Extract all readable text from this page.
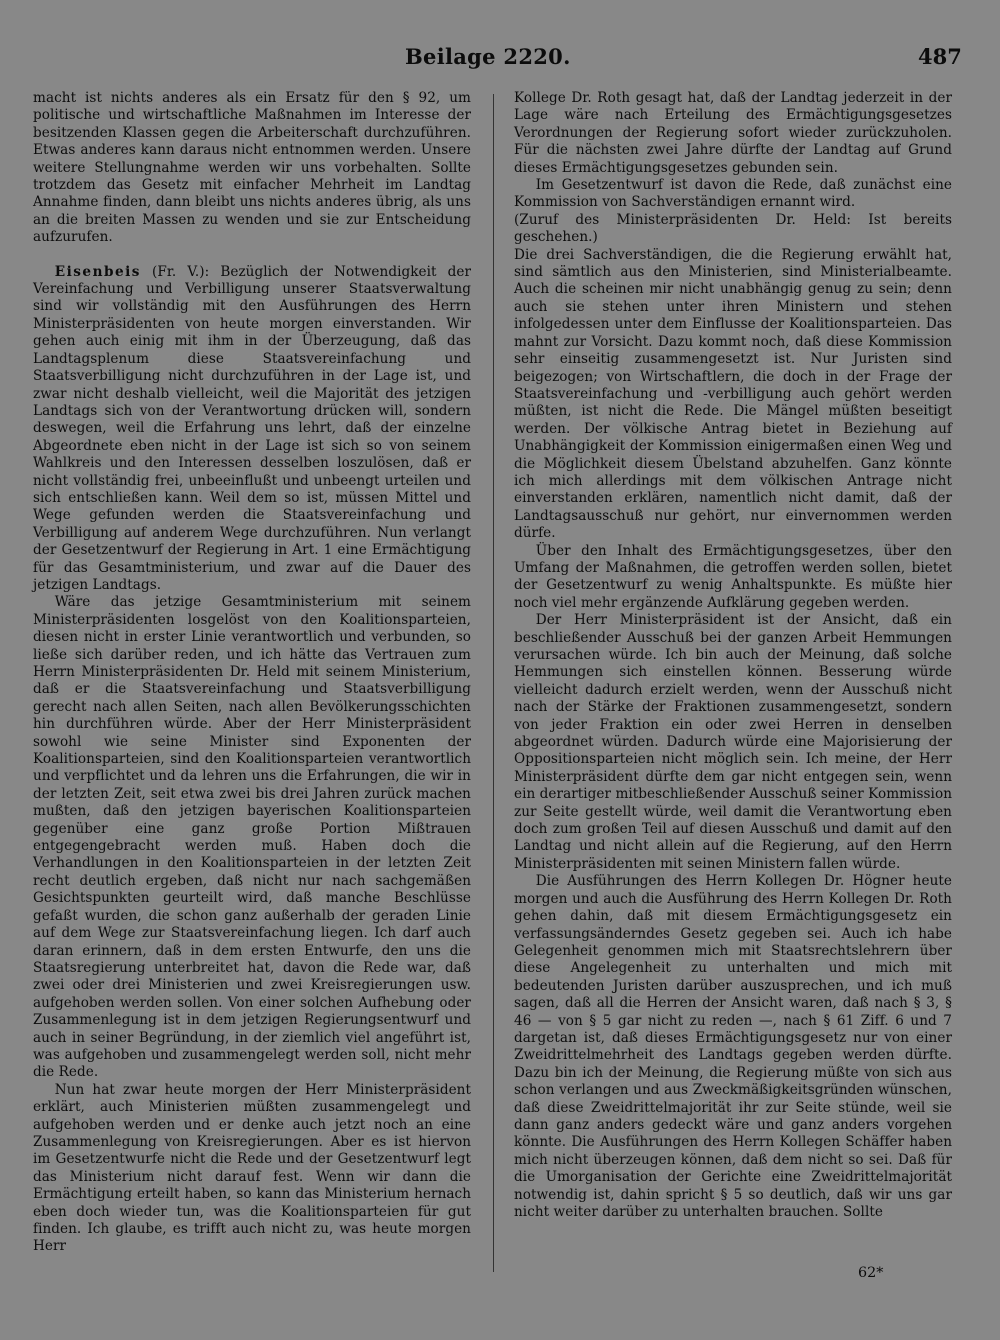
Beilage 2220.	487

macht ist nichts anderes als ein Ersatz für den § 92, um politische und wirtschaftliche Maßnahmen im Interesse der besitzenden Klassen gegen die Arbeiterschaft durchzuführen. Etwas anderes kann daraus nicht entnommen werden. Unsere weitere Stellungnahme werden wir uns vorbehalten. Sollte trotzdem das Gesetz mit einfacher Mehrheit im Landtag Annahme finden, dann bleibt uns nichts anderes übrig, als uns an die breiten Massen zu wenden und sie zur Entscheidung aufzurufen.

Eisenbeis (Fr. V.): Bezüglich der Notwendigkeit der Vereinfachung und Verbilligung unserer Staatsverwaltung sind wir vollständig mit den Ausführungen des Herrn Ministerpräsidenten von heute morgen einverstanden. Wir gehen auch einig mit ihm in der Überzeugung, daß das Landtagsplenum diese Staatsvereinfachung und Staatsverbilligung nicht durchzuführen in der Lage ist, und zwar nicht deshalb vielleicht, weil die Majorität des jetzigen Landtags sich von der Verantwortung drücken will, sondern deswegen, weil die Erfahrung uns lehrt, daß der einzelne Abgeordnete eben nicht in der Lage ist sich so von seinem Wahlkreis und den Interessen desselben loszulösen, daß er nicht vollständig frei, unbeeinflußt und unbeengt urteilen und sich entschließen kann. Weil dem so ist, müssen Mittel und Wege gefunden werden die Staatsvereinfachung und Verbilligung auf anderem Wege durchzuführen. Nun verlangt der Gesetzentwurf der Regierung in Art. 1 eine Ermächtigung für das Gesamtministerium, und zwar auf die Dauer des jetzigen Landtags.

Wäre das jetzige Gesamtministerium mit seinem Ministerpräsidenten losgelöst von den Koalitionsparteien, diesen nicht in erster Linie verantwortlich und verbunden, so ließe sich darüber reden, und ich hätte das Vertrauen zum Herrn Ministerpräsidenten Dr. Held mit seinem Ministerium, daß er die Staatsvereinfachung und Staatsverbilligung gerecht nach allen Seiten, nach allen Bevölkerungsschichten hin durchführen würde. Aber der Herr Ministerpräsident sowohl wie seine Minister sind Exponenten der Koalitionsparteien, sind den Koalitionsparteien verantwortlich und verpflichtet und da lehren uns die Erfahrungen, die wir in der letzten Zeit, seit etwa zwei bis drei Jahren zurück machen mußten, daß den jetzigen bayerischen Koalitionsparteien gegenüber eine ganz große Portion Mißtrauen entgegengebracht werden muß. Haben doch die Verhandlungen in den Koalitionsparteien in der letzten Zeit recht deutlich ergeben, daß nicht nur nach sachgemäßen Gesichtspunkten geurteilt wird, daß manche Beschlüsse gefaßt wurden, die schon ganz außerhalb der geraden Linie auf dem Wege zur Staatsvereinfachung liegen. Ich darf auch daran erinnern, daß in dem ersten Entwurfe, den uns die Staatsregierung unterbreitet hat, davon die Rede war, daß zwei oder drei Ministerien und zwei Kreisregierungen usw. aufgehoben werden sollen. Von einer solchen Aufhebung oder Zusammenlegung ist in dem jetzigen Regierungsentwurf und auch in seiner Begründung, in der ziemlich viel angeführt ist, was aufgehoben und zusammengelegt werden soll, nicht mehr die Rede.

Nun hat zwar heute morgen der Herr Ministerpräsident erklärt, auch Ministerien müßten zusammengelegt und aufgehoben werden und er denke auch jetzt noch an eine Zusammenlegung von Kreisregierungen. Aber es ist hiervon im Gesetzentwurfe nicht die Rede und der Gesetzentwurf legt das Ministerium nicht darauf fest. Wenn wir dann die Ermächtigung erteilt haben, so kann das Ministerium hernach eben doch wieder tun, was die Koalitionsparteien für gut finden. Ich glaube, es trifft auch nicht zu, was heute morgen Herr

Kollege Dr. Roth gesagt hat, daß der Landtag jederzeit in der Lage wäre nach Erteilung des Ermächtigungsgesetzes Verordnungen der Regierung sofort wieder zurückzuholen. Für die nächsten zwei Jahre dürfte der Landtag auf Grund dieses Ermächtigungsgesetzes gebunden sein.

Im Gesetzentwurf ist davon die Rede, daß zunächst eine Kommission von Sachverständigen ernannt wird.

(Zuruf des Ministerpräsidenten Dr. Held: Ist bereits geschehen.)

Die drei Sachverständigen, die die Regierung erwählt hat, sind sämtlich aus den Ministerien, sind Ministerialbeamte. Auch die scheinen mir nicht unabhängig genug zu sein; denn auch sie stehen unter ihren Ministern und stehen infolgedessen unter dem Einflusse der Koalitionsparteien. Das mahnt zur Vorsicht. Dazu kommt noch, daß diese Kommission sehr einseitig zusammengesetzt ist. Nur Juristen sind beigezogen; von Wirtschaftlern, die doch in der Frage der Staatsvereinfachung und -verbilligung auch gehört werden müßten, ist nicht die Rede. Die Mängel müßten beseitigt werden. Der völkische Antrag bietet in Beziehung auf Unabhängigkeit der Kommission einigermaßen einen Weg und die Möglichkeit diesem Übelstand abzuhelfen. Ganz könnte ich mich allerdings mit dem völkischen Antrage nicht einverstanden erklären, namentlich nicht damit, daß der Landtagsausschuß nur gehört, nur einvernommen werden dürfe.

Über den Inhalt des Ermächtigungsgesetzes, über den Umfang der Maßnahmen, die getroffen werden sollen, bietet der Gesetzentwurf zu wenig Anhaltspunkte. Es müßte hier noch viel mehr ergänzende Aufklärung gegeben werden.

Der Herr Ministerpräsident ist der Ansicht, daß ein beschließender Ausschuß bei der ganzen Arbeit Hemmungen verursachen würde. Ich bin auch der Meinung, daß solche Hemmungen sich einstellen können. Besserung würde vielleicht dadurch erzielt werden, wenn der Ausschuß nicht nach der Stärke der Fraktionen zusammengesetzt, sondern von jeder Fraktion ein oder zwei Herren in denselben abgeordnet würden. Dadurch würde eine Majorisierung der Oppositionsparteien nicht möglich sein. Ich meine, der Herr Ministerpräsident dürfte dem gar nicht entgegen sein, wenn ein derartiger mitbeschließender Ausschuß seiner Kommission zur Seite gestellt würde, weil damit die Verantwortung eben doch zum großen Teil auf diesen Ausschuß und damit auf den Landtag und nicht allein auf die Regierung, auf den Herrn Ministerpräsidenten mit seinen Ministern fallen würde.

Die Ausführungen des Herrn Kollegen Dr. Högner heute morgen und auch die Ausführung des Herrn Kollegen Dr. Roth gehen dahin, daß mit diesem Ermächtigungsgesetz ein verfassungsänderndes Gesetz gegeben sei. Auch ich habe Gelegenheit genommen mich mit Staatsrechtslehrern über diese Angelegenheit zu unterhalten und mich mit bedeutenden Juristen darüber auszusprechen, und ich muß sagen, daß all die Herren der Ansicht waren, daß nach § 3, § 46 — von § 5 gar nicht zu reden —, nach § 61 Ziff. 6 und 7 dargetan ist, daß dieses Ermächtigungsgesetz nur von einer Zweidrittelmehrheit des Landtags gegeben werden dürfte. Dazu bin ich der Meinung, die Regierung müßte von sich aus schon verlangen und aus Zweckmäßigkeitsgründen wünschen, daß diese Zweidrittelmajorität ihr zur Seite stünde, weil sie dann ganz anders gedeckt wäre und ganz anders vorgehen könnte. Die Ausführungen des Herrn Kollegen Schäffer haben mich nicht überzeugen können, daß dem nicht so sei. Daß für die Umorganisation der Gerichte eine Zweidrittelmajorität notwendig ist, dahin spricht § 5 so deutlich, daß wir uns gar nicht weiter darüber zu unterhalten brauchen. Sollte

62*
